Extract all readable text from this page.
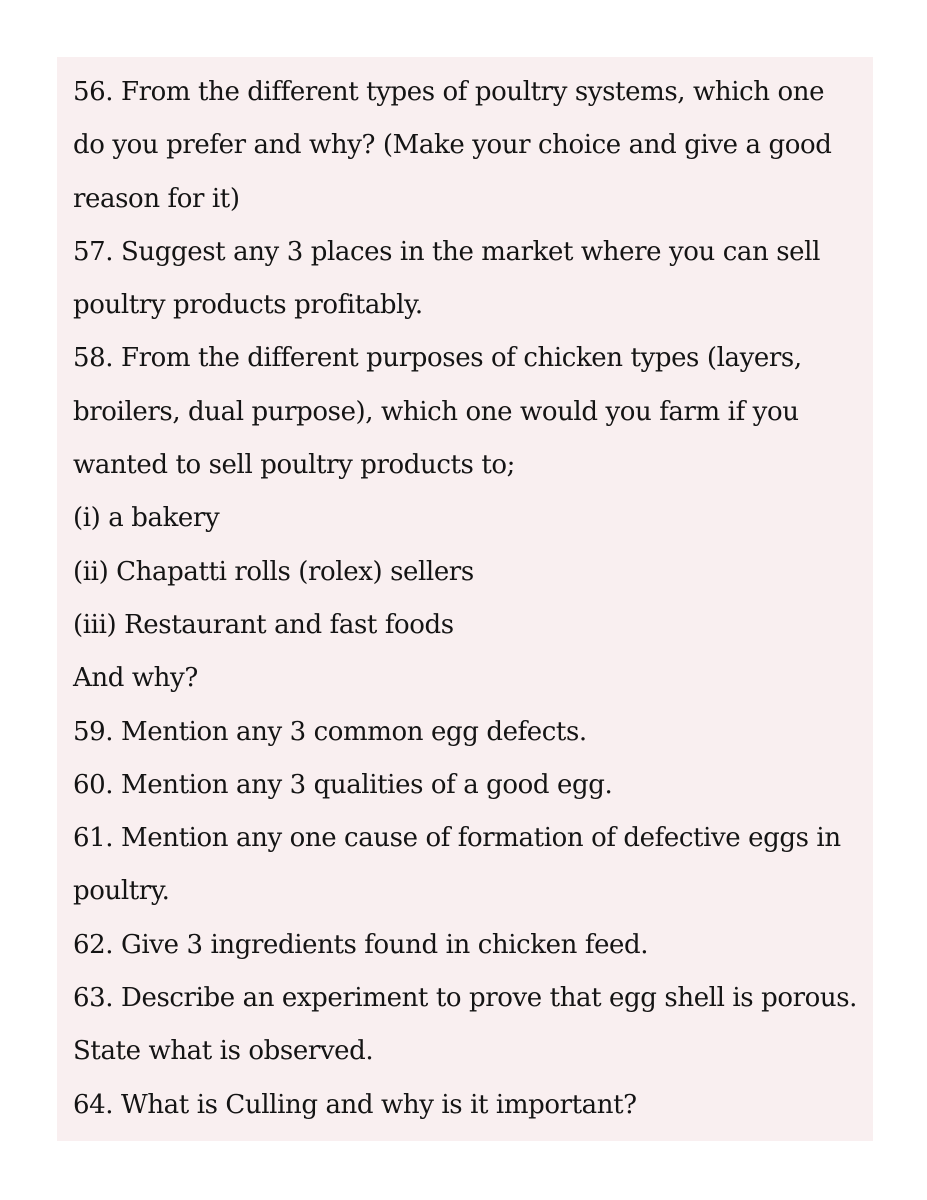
56. From the different types of poultry systems, which one
do you prefer and why? (Make your choice and give a good
reason for it)
57. Suggest any 3 places in the market where you can sell
poultry products profitably.
58. From the different purposes of chicken types (layers,
broilers, dual purpose), which one would you farm if you
wanted to sell poultry products to;
(i) a bakery
(ii) Chapatti rolls (rolex) sellers
(iii) Restaurant and fast foods
And why?
59. Mention any 3 common egg defects.
60. Mention any 3 qualities of a good egg.
61. Mention any one cause of formation of defective eggs in
poultry.
62. Give 3 ingredients found in chicken feed.
63. Describe an experiment to prove that egg shell is porous.
State what is observed.
64. What is Culling and why is it important?
